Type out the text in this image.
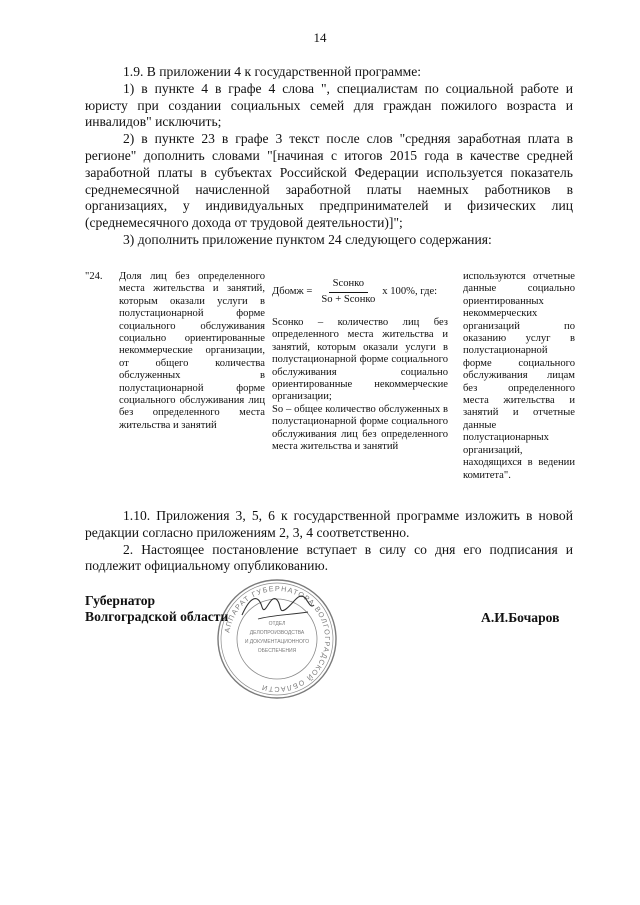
14

1.9. В приложении 4 к государственной программе:

1) в пункте 4 в графе 4 слова ", специалистам по социальной работе и юристу при создании социальных семей для граждан пожилого возраста и инвалидов" исключить;

2) в пункте 23 в графе 3 текст после слов "средняя заработная плата в регионе" дополнить словами "[начиная с итогов 2015 года в качестве средней заработной платы в субъектах Российской Федерации используется показатель среднемесячной начисленной заработной платы наемных работников в организациях, у индивидуальных предпринимателей и физических лиц (среднемесячного дохода от трудовой деятельности)]";

3) дополнить приложение пунктом 24 следующего содержания:

"24.	Доля лиц без определенного места жительства и занятий, которым оказали услуги в полустационарной форме социального обслуживания социально ориентированные некоммерческие организации, от общего количества обслуженных в полустационарной форме социального обслуживания лиц без определенного места жительства и занятий
Дбомж = $\frac{\text{Sсонко}}{\text{So + Sсонко}}$ x 100%, где:

Sсонко – количество лиц без определенного места жительства и занятий, которым оказали услуги в полустационарной форме социального обслуживания социально ориентированные некоммерческие организации;

So – общее количество обслуженных в полустационарной форме социального обслуживания лиц без определенного места жительства и занятий

используются отчетные данные социально ориентированных некоммерческих организаций по оказанию услуг в полустационарной форме социального обслуживания лицам без определенного места жительства и занятий и отчетные данные полустационарных организаций, находящихся в ведении комитета".

1.10. Приложения 3, 5, 6 к государственной программе изложить в новой редакции согласно приложениям 2, 3, 4 соответственно.

2. Настоящее постановление вступает в силу со дня его подписания и подлежит официальному опубликованию.

АППАРАТ ГУБЕРНАТОРА ВОЛГОГРАДСКОЙ ОБЛАСТИ
ОТДЕЛ
ДЕЛОПРОИЗВОДСТВА
И ДОКУМЕНТАЦИОННОГО
ОБЕСПЕЧЕНИЯ
Губернатор
Волгоградской области	А.И.Бочаров
